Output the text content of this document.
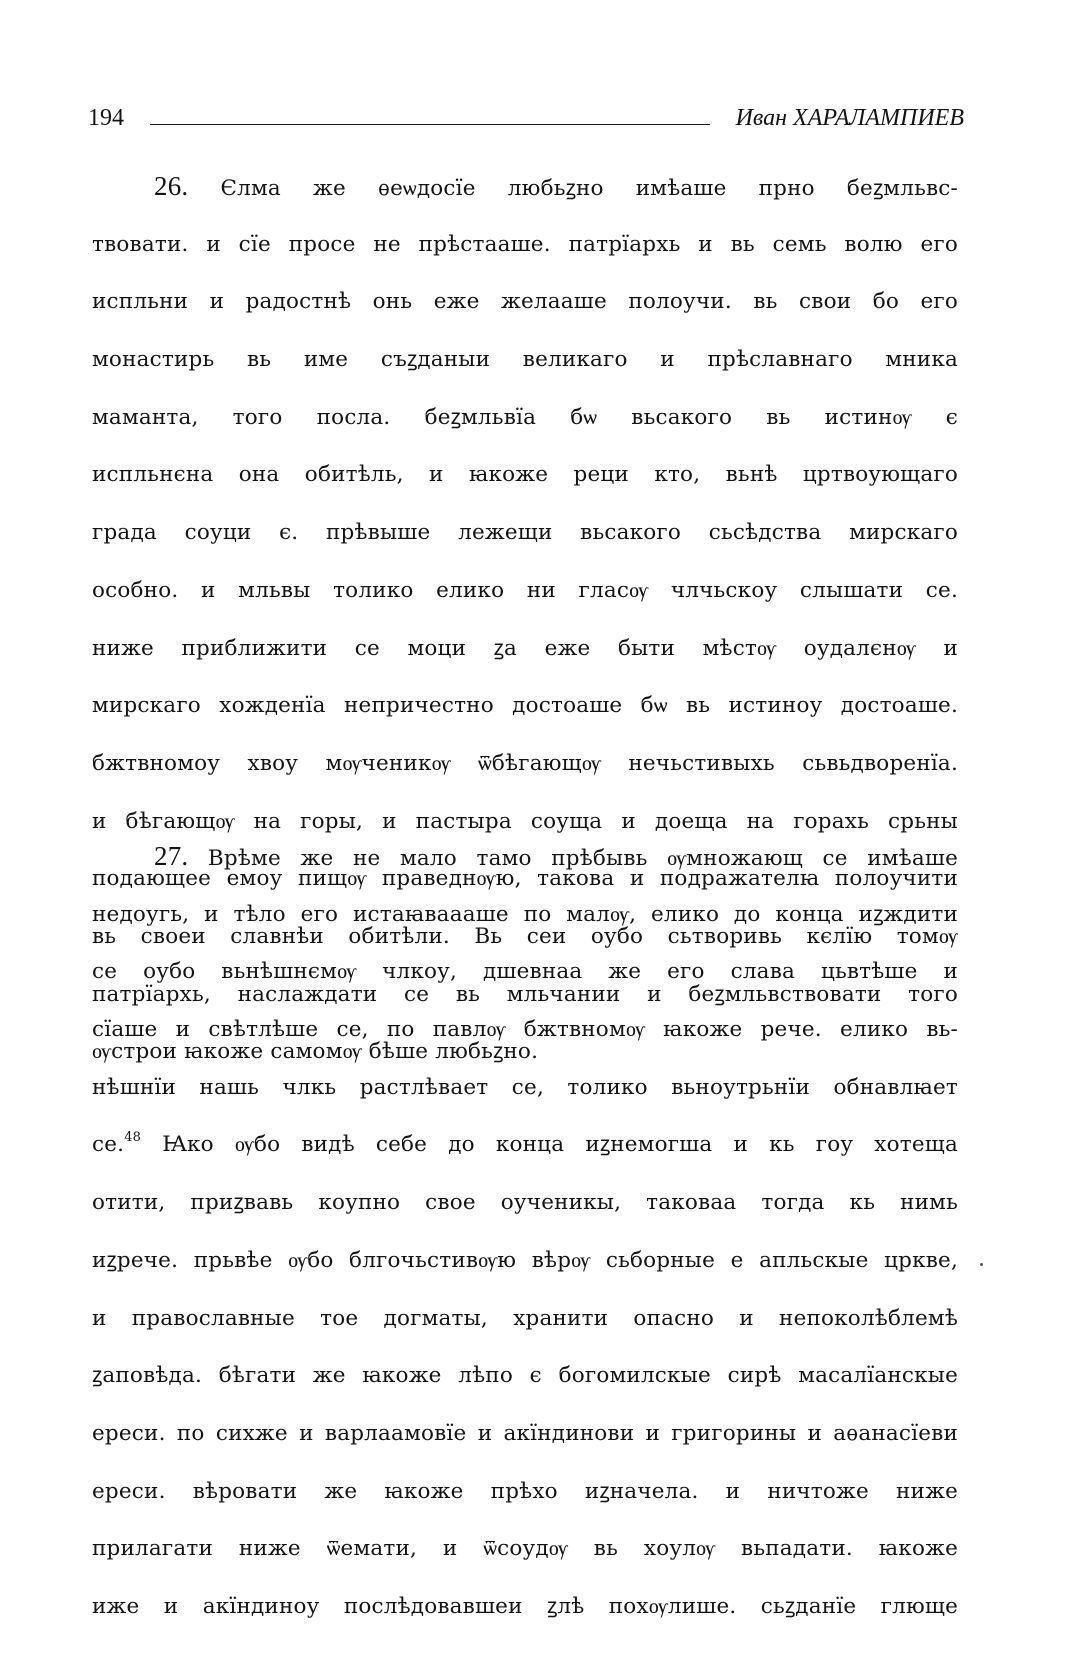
194	Иван ХАРАЛАМПИЕВ
26. Єлма же ѳеѡдосїе любьꙁно имѣаше прно беꙁмльвс-
твовати. и сїе просе не прѣстааше. патрїархь и вь семь волю его
испльни и радостнѣ онь еже желааше полоучи. вь свои бо его
монастирь вь име съꙁданыи великаго и прѣславнаго мника
мамантa, того посла. беꙁмльвїа бѡ вьсакого вь истинѹ є
испльнєна она обитѣль, и ꙗкоже реци кто, вьнѣ цртвоующаго
града соуци є. прѣвыше лежещи вьсакого сьсѣдства мирскаго
особно. и мльвы толико елико ни гласѹ члчьскоу слышати се.
ниже приближити се моци ꙁа еже быти мѣстѹ оудалєнѹ и
мирскаго хожденїа непричестно достоаше бѡ вь истиноу достоаше.
бжтвномоу хвоу мѹченикѹ ѿбѣгающѹ нечьстивыхь сьвьдворенїа.
и бѣгающѹ на горы, и пастыра соуща и доеща на горахь срьны
подающее емоу пищѹ праведнѹю, такова и подражателꙗ полоучити
вь своеи славнѣи обитѣли. Вь сеи оубо сьтворивь кєлїю томѹ
патрїархь, наслаждати се вь мльчании и беꙁмльвствовати того
ѹстрои ꙗкоже самомѹ бѣше любьꙁно.
27. Врѣме же не мало тамо прѣбывь ѹмножающ се имѣаше
недоугь, и тѣло его истаꙗваааше по малѹ, елико до конца иꙁждити
се оубо вьнѣшнємѹ члкоу, дшевнаа же его слава цьвтѣше и
сїаше и свѣтлѣше се, по павлѹ бжтвномѹ ꙗкоже рече. елико вь-
нѣшнїи нашь члкь растлѣвает се, толико вьноутрьнїи обнавлꙗет
се.$^{48}$ Ꙗко ѹбо видѣ себе до конца иꙁнемогша и кь гоу хотеща
отити, приꙁвавь коупно свое оученикы, таковаа тогда кь нимь
иꙁрече. прьвѣе ѹбо блгочьстивѹю вѣрѹ сьборные е апльскые цркве,
и православные тое догматы, хранити опасно и непоколѣблемѣ
ꙁаповѣда. бѣгати же ꙗкоже лѣпо є богомилскые сирѣ масалїанскые
ереси. по сихже и варлаамовїе и акїндинови и григорины и аѳанасїеви
ереси. вѣровати же ꙗкоже прѣхо иꙁначела. и ничтоже ниже
прилагати ниже ѿемати, и ѿсоудѹ вь хоулѹ вьпадати. ꙗкоже
иже и акїндиноу послѣдовавшеи ꙁлѣ похѹлише. сьꙁданїе глюще
